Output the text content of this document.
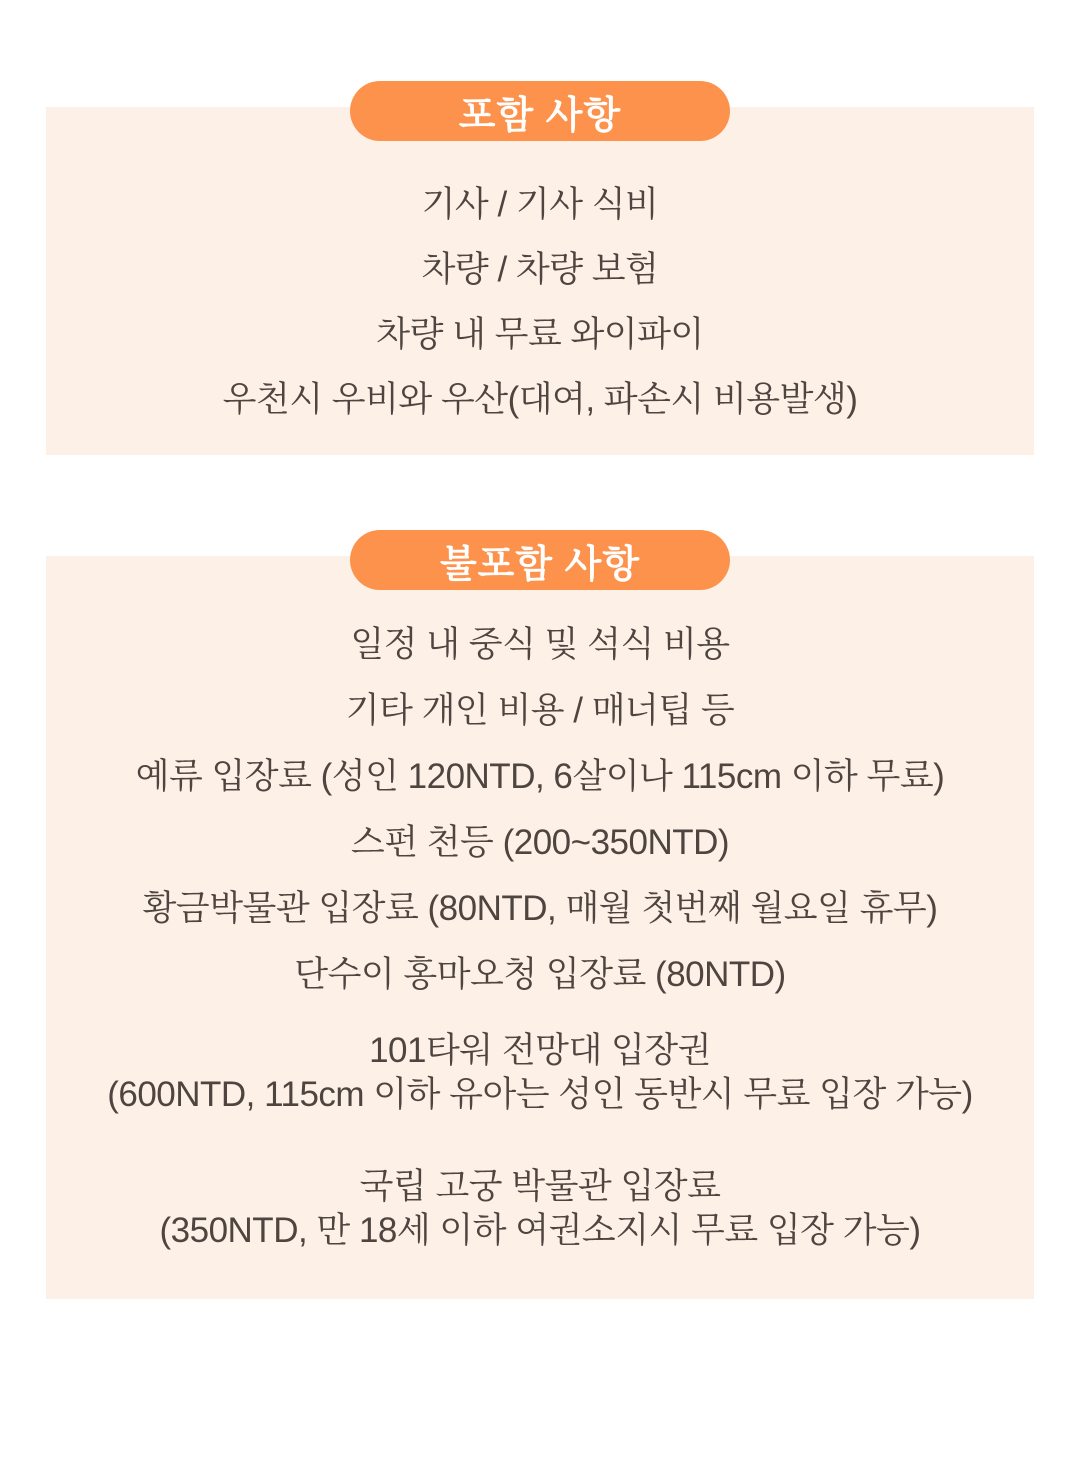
포함 사항
기사 / 기사 식비
차량 / 차량 보험
차량 내 무료 와이파이
우천시 우비와 우산(대여, 파손시 비용발생)
불포함 사항
일정 내 중식 및 석식 비용
기타 개인 비용 / 매너팁 등
예류 입장료 (성인 120NTD, 6살이나 115cm 이하 무료)
스펀 천등 (200~350NTD)
황금박물관 입장료 (80NTD, 매월 첫번째 월요일 휴무)
단수이 홍마오청 입장료 (80NTD)
101타워 전망대 입장권
(600NTD, 115cm 이하 유아는 성인 동반시 무료 입장 가능)
국립 고궁 박물관 입장료
(350NTD, 만 18세 이하 여권소지시 무료 입장 가능)
